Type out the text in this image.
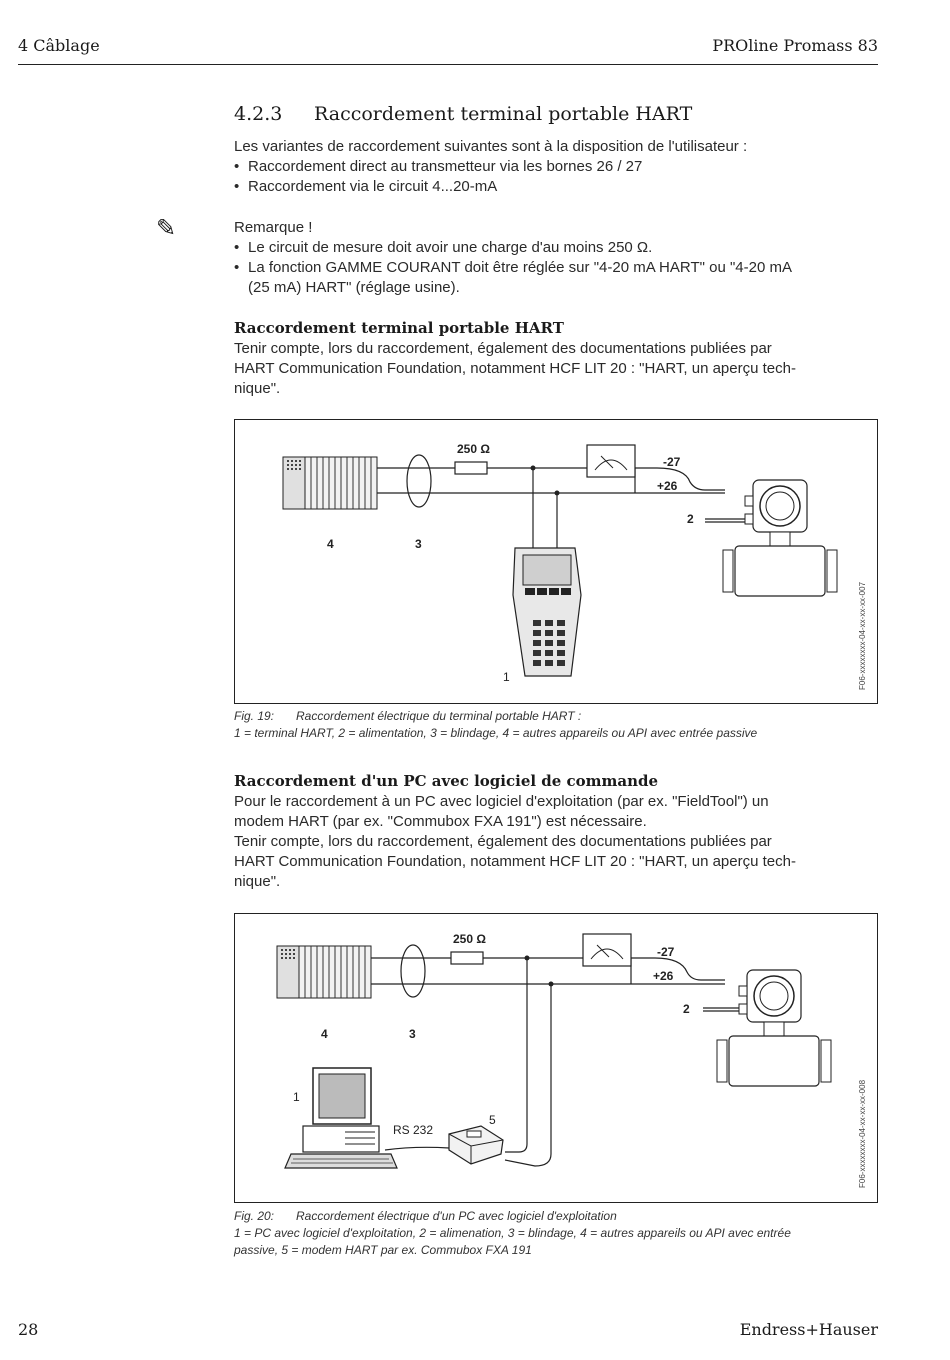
4 Câblage	PROline Promass 83
4.2.3 Raccordement terminal portable HART
Les variantes de raccordement suivantes sont à la disposition de l'utilisateur :
• Raccordement direct au transmetteur via les bornes 26 / 27
• Raccordement via le circuit 4...20-mA
✎	Remarque !
• Le circuit de mesure doit avoir une charge d'au moins 250 Ω.
• La fonction GAMME COURANT doit être réglée sur "4-20 mA HART" ou "4-20 mA
(25 mA) HART" (réglage usine).
Raccordement terminal portable HART
Tenir compte, lors du raccordement, également des documentations publiées par
HART Communication Foundation, notamment HCF LIT 20 : "HART, un aperçu tech-
nique".
250 Ω
-27
+26
2
4	3
1	F06-xxxxxxxx-04-xx-xx-xx-007
Fig. 19: Raccordement électrique du terminal portable HART :
1 = terminal HART, 2 = alimentation, 3 = blindage, 4 = autres appareils ou API avec entrée passive
Raccordement d'un PC avec logiciel de commande
Pour le raccordement à un PC avec logiciel d'exploitation (par ex. "FieldTool") un
modem HART (par ex. "Commubox FXA 191") est nécessaire.
Tenir compte, lors du raccordement, également des documentations publiées par
HART Communication Foundation, notamment HCF LIT 20 : "HART, un aperçu tech-
nique".
250 Ω
-27
+26
2
4	3
1
5
RS 232	F06-xxxxxxxx-04-xx-xx-xx-008
Fig. 20: Raccordement électrique d'un PC avec logiciel d'exploitation
1 = PC avec logiciel d'exploitation, 2 = alimenation, 3 = blindage, 4 = autres appareils ou API avec entrée
passive, 5 = modem HART par ex. Commubox FXA 191
28	Endress+Hauser
